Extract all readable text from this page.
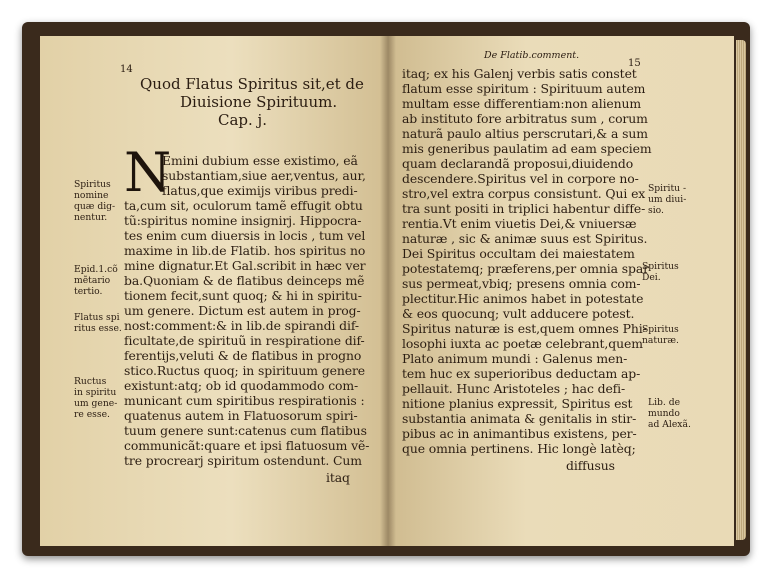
14
Quod Flatus Spiritus sit,et de
Diuisione Spirituum.
Cap. j.
N
Emini dubium esse existimo, eã
substantiam,siue aer,ventus, aur,
flatus,que eximijs viribus predi-
ta,cum sit, oculorum tamẽ effugit obtu
tũ:spiritus nomine insignirj. Hippocra-
tes enim cum diuersis in locis , tum vel
maxime in lib.de Flatib. hos spiritus no
mine dignatur.Et Gal.scribit in hæc ver
ba.Quoniam & de flatibus deinceps mẽ
tionem fecit,sunt quoq; & hi in spiritu-
um genere. Dictum est autem in prog-
nost:comment:& in lib.de spirandi dif-
ficultate,de spirituũ in respiratione dif-
ferentijs,veluti & de flatibus in progno
stico.Ructus quoq; in spirituum genere
existunt:atq; ob id quodammodo com-
municant cum spiritibus respirationis :
quatenus autem in Flatuosorum spiri-
tuum genere sunt:catenus cum flatibus
communicãt:quare et ipsi flatuosum vẽ-
tre procrearj spiritum ostendunt. Cum
itaq
Spiritus
nomine
quæ dig-
nentur.
Epid.1.cõ
mẽtario
tertio.
Flatus spi
ritus esse.
Ructus
in spiritu
um gene-
re esse.
De Flatib.comment.
15
itaq; ex his Galenj verbis satis constet
flatum esse spiritum : Spirituum autem
multam esse differentiam:non alienum
ab instituto fore arbitratus sum , corum
naturã paulo altius perscrutari,& a sum
mis generibus paulatim ad eam speciem
quam declarandã proposui,diuidendo
descendere.Spiritus vel in corpore no-
stro,vel extra corpus consistunt. Qui ex
tra sunt positi in triplici habentur diffe-
rentia.Vt enim viuetis Dei,& vniuersæ
naturæ , sic & animæ suus est Spiritus.
Dei Spiritus occultam dei maiestatem
potestatemq; præferens,per omnia spar
sus permeat,vbiq; presens omnia com-
plectitur.Hic animos habet in potestate
& eos quocunq; vult adducere potest.
Spiritus naturæ is est,quem omnes Phi-
losophi iuxta ac poetæ celebrant,quem
Plato animum mundi : Galenus men-
tem huc ex superioribus deductam ap-
pellauit. Hunc Aristoteles ; hac defi-
nitione planius expressit, Spiritus est
substantia animata & genitalis in stir-
pibus ac in animantibus existens, per-
que omnia pertinens. Hic longè latèq;
diffusus
Spiritu -
um diui-
sio.
Spiritus
Dei.
Spiritus
naturæ.
Lib. de
mundo
ad Alexã.
